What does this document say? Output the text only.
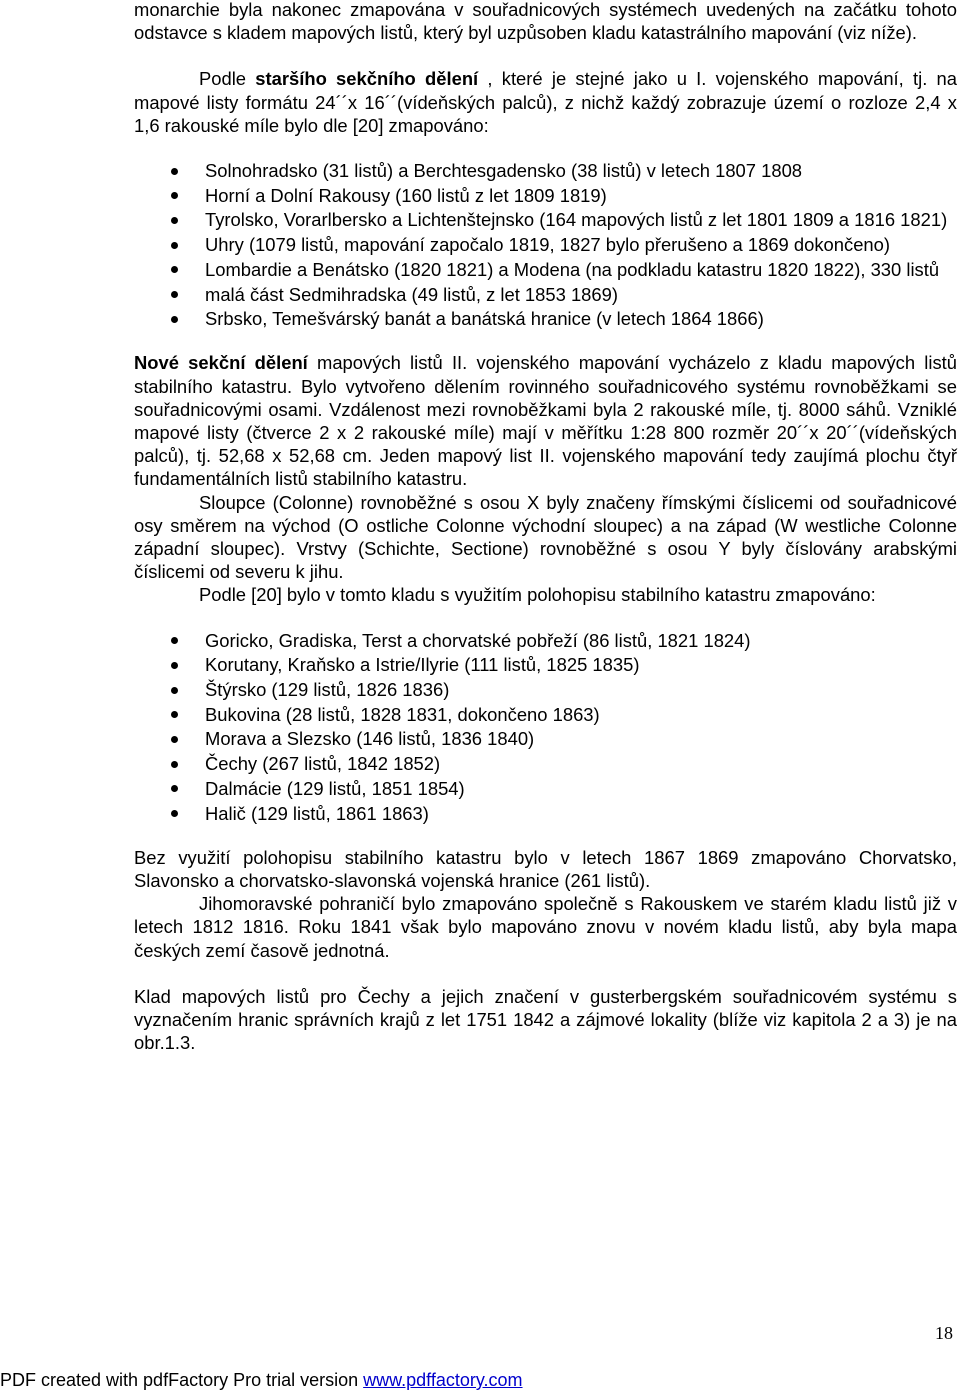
monarchie byla nakonec zmapována v souřadnicových systémech uvedených na začátku tohoto odstavce s kladem mapových listů, který byl uzpůsoben kladu katastrálního mapování (viz níže).

Podle staršího sekčního dělení , které je stejné jako u I. vojenského mapování, tj. na mapové listy formátu 24´´x 16´´(vídeňských palců), z nichž každý zobrazuje území o rozloze 2,4 x 1,6 rakouské míle bylo dle [20] zmapováno:

Solnohradsko (31 listů) a Berchtesgadensko (38 listů) v letech 1807 1808
Horní a Dolní Rakousy (160 listů z let 1809 1819)
Tyrolsko, Vorarlbersko a Lichtenštejnsko (164 mapových listů z let 1801 1809 a 1816 1821)
Uhry (1079 listů, mapování započalo 1819, 1827 bylo přerušeno a 1869 dokončeno)
Lombardie a Benátsko (1820 1821) a Modena (na podkladu katastru 1820 1822), 330 listů
malá část Sedmihradska (49 listů, z let 1853 1869)
Srbsko, Temešvárský banát a banátská hranice (v letech 1864 1866)

Nové sekční dělení mapových listů II. vojenského mapování vycházelo z kladu mapových listů stabilního katastru. Bylo vytvořeno dělením rovinného souřadnicového systému rovnoběžkami se souřadnicovými osami. Vzdálenost mezi rovnoběžkami byla 2 rakouské míle, tj. 8000 sáhů. Vzniklé mapové listy (čtverce 2 x 2 rakouské míle) mají v měřítku 1:28 800 rozměr 20´´x 20´´(vídeňských palců), tj. 52,68 x 52,68 cm. Jeden mapový list II. vojenského mapování tedy zaujímá plochu čtyř fundamentálních listů stabilního katastru.

Sloupce (Colonne) rovnoběžné s osou X byly značeny římskými číslicemi od souřadnicové osy směrem na východ (O ostliche Colonne východní sloupec) a na západ (W westliche Colonne západní sloupec). Vrstvy (Schichte, Sectione) rovnoběžné s osou Y byly číslovány arabskými číslicemi od severu k jihu.

Podle [20] bylo v tomto kladu s využitím polohopisu stabilního katastru zmapováno:

Goricko, Gradiska, Terst a chorvatské pobřeží (86 listů, 1821 1824)
Korutany, Kraňsko a Istrie/Ilyrie (111 listů, 1825 1835)
Štýrsko (129 listů, 1826 1836)
Bukovina (28 listů, 1828 1831, dokončeno 1863)
Morava a Slezsko (146 listů, 1836 1840)
Čechy (267 listů, 1842 1852)
Dalmácie (129 listů, 1851 1854)
Halič (129 listů, 1861 1863)

Bez využití polohopisu stabilního katastru bylo v letech 1867 1869 zmapováno Chorvatsko, Slavonsko a chorvatsko-slavonská vojenská hranice (261 listů).

Jihomoravské pohraničí bylo zmapováno společně s Rakouskem ve starém kladu listů již v letech 1812 1816. Roku 1841 však bylo mapováno znovu v novém kladu listů, aby byla mapa českých zemí časově jednotná.

Klad mapových listů pro Čechy a jejich značení v gusterbergském souřadnicovém systému s vyznačením hranic správních krajů z let 1751 1842 a zájmové lokality (blíže viz kapitola 2 a 3) je na obr.1.3.

18
PDF created with pdfFactory Pro trial version www.pdffactory.com
